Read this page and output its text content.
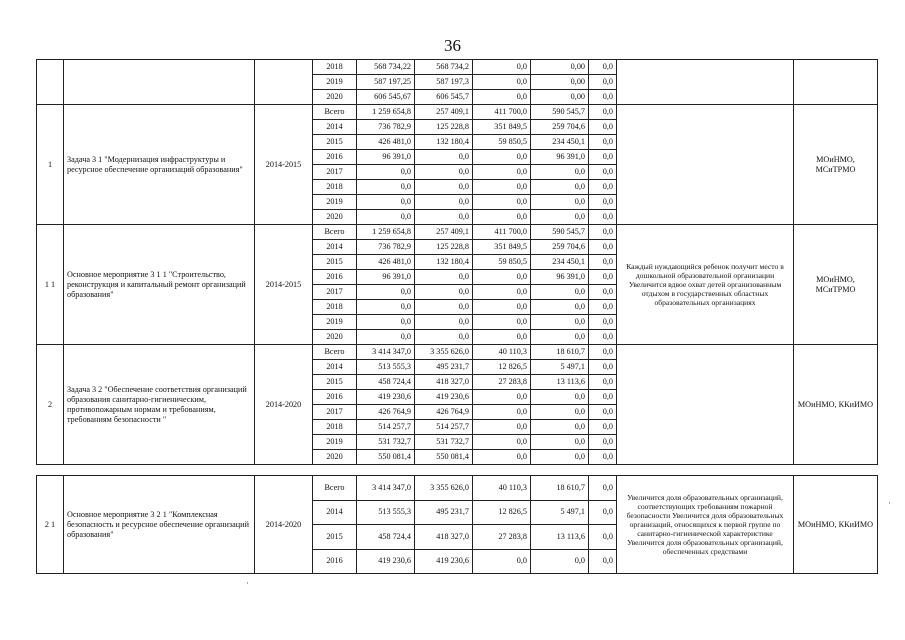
36
			2018	568 734,22	568 734,2	0,0	0,00	0,0		
			2019	587 197,25	587 197,3	0,0	0,00	0,0		
			2020	606 545,67	606 545,7	0,0	0,00	0,0		
1	Задача 3 1 "Модернизация инфраструктуры и ресурсное обеспечение организаций образования"	2014-2015	Всего	1 259 654,8	257 409,1	411 700,0	590 545,7	0,0		МОиНМО, МСиТРМО
			2014	736 782,9	125 228,8	351 849,5	259 704,6	0,0		
			2015	426 481,0	132 180,4	59 850,5	234 450,1	0,0		
			2016	96 391,0	0,0	0,0	96 391,0	0,0		
			2017	0,0	0,0	0,0	0,0	0,0		
			2018	0,0	0,0	0,0	0,0	0,0		
			2019	0,0	0,0	0,0	0,0	0,0		
			2020	0,0	0,0	0,0	0,0	0,0		
1 1	Основное мероприятие 3 1 1 "Строительство, реконструкция и капитальный ремонт организаций образования"	2014-2015	Всего	1 259 654,8	257 409,1	411 700,0	590 545,7	0,0	Каждый нуждающийся ребенок получит место в дошкольной образовательной организации Увеличится вдвое охват детей организованным отдыхом в государственных областных образовательных организациях	МОиНМО, МСиТРМО
			2014	736 782,9	125 228,8	351 849,5	259 704,6	0,0		
			2015	426 481,0	132 180,4	59 850,5	234 450,1	0,0		
			2016	96 391,0	0,0	0,0	96 391,0	0,0		
			2017	0,0	0,0	0,0	0,0	0,0		
			2018	0,0	0,0	0,0	0,0	0,0		
			2019	0,0	0,0	0,0	0,0	0,0		
			2020	0,0	0,0	0,0	0,0	0,0		
2	Задача 3 2 "Обеспечение соответствия организаций образования санитарно-гигиеническим, противопожарным нормам и требованиям, требованиям безопасности "	2014-2020	Всего	3 414 347,0	3 355 626,0	40 110,3	18 610,7	0,0		МОиНМО, ККиИМО
			2014	513 555,3	495 231,7	12 826,5	5 497,1	0,0		
			2015	458 724,4	418 327,0	27 283,8	13 113,6	0,0		
			2016	419 230,6	419 230,6	0,0	0,0	0,0		
			2017	426 764,9	426 764,9	0,0	0,0	0,0		
			2018	514 257,7	514 257,7	0,0	0,0	0,0		
			2019	531 732,7	531 732,7	0,0	0,0	0,0		
			2020	550 081,4	550 081,4	0,0	0,0	0,0		
2 1	Основное мероприятие 3 2 1 "Комплексная безопасность и ресурсное обеспечение организаций образования"	2014-2020	Всего	3 414 347,0	3 355 626,0	40 110,3	18 610,7	0,0	Увеличится доля образовательных организаций, соответствующих требованиям пожарной безопасности Увеличится доля образовательных организаций, относящихся к первой группе по санитарно-гигиенической характеристике Увеличится доля образовательных организаций, обеспеченных средствами	МОиНМО, ККиИМО
			2014	513 555,3	495 231,7	12 826,5	5 497,1	0,0		
			2015	458 724,4	418 327,0	27 283,8	13 113,6	0,0		
			2016	419 230,6	419 230,6	0,0	0,0	0,0		
·
·
